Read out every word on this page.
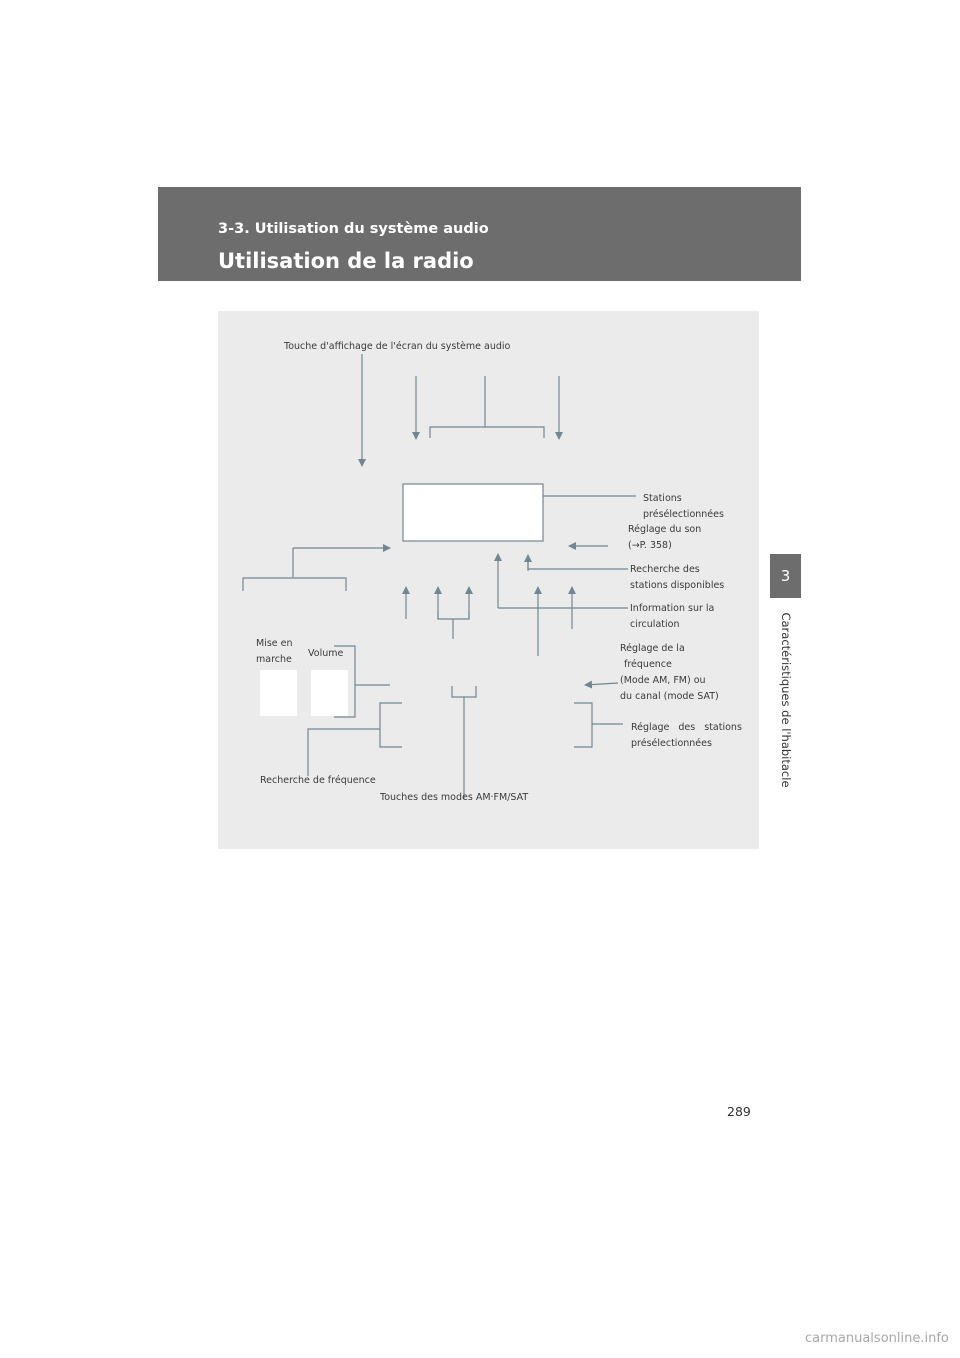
3-3. Utilisation du système audio
Utilisation de la radio
3
Caractéristiques de l'habitacle
Touche d'affichage de l'écran du système audio
Stations
présélectionnées
Réglage du son
(→P. 358)
Recherche des
stations disponibles
Information sur la
circulation
Mise en
marche
Volume	Réglage de la
fréquence
(Mode AM, FM) ou
du canal (mode SAT)
Réglage des stations
présélectionnées
Recherche de fréquence
Touches des modes AM·FM/SAT
289
carmanualsonline.info
